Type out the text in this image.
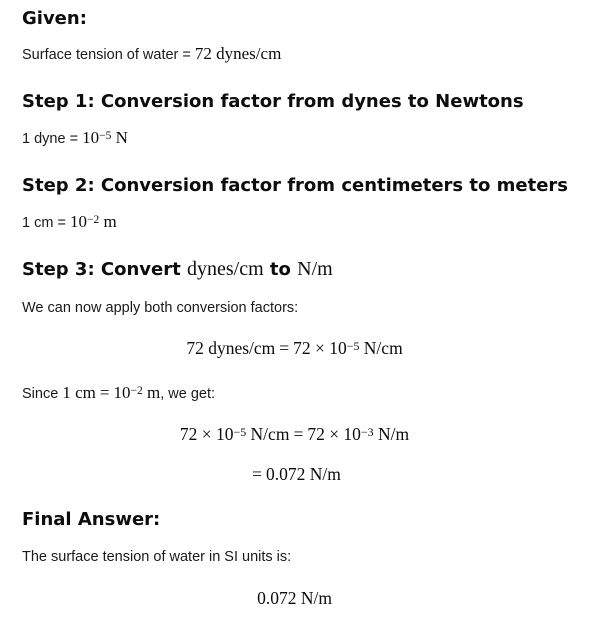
Given:
Surface tension of water = 72 dynes/cm
Step 1: Conversion factor from dynes to Newtons
1 dyne = $10^{-5}$ N
Step 2: Conversion factor from centimeters to meters
1 cm = $10^{-2}$ m
Step 3: Convert dynes/cm to N/m
We can now apply both conversion factors:
72 dynes/cm = $72 \times 10^{-5}$ N/cm
Since 1 cm = $10^{-2}$ m, we get:
$72 \times 10^{-5}$ $N/cm = 72 \times 10^{-3}$ N/m
= 0.072 N/m
Final Answer:
The surface tension of water in SI units is:
0.072 N/m
